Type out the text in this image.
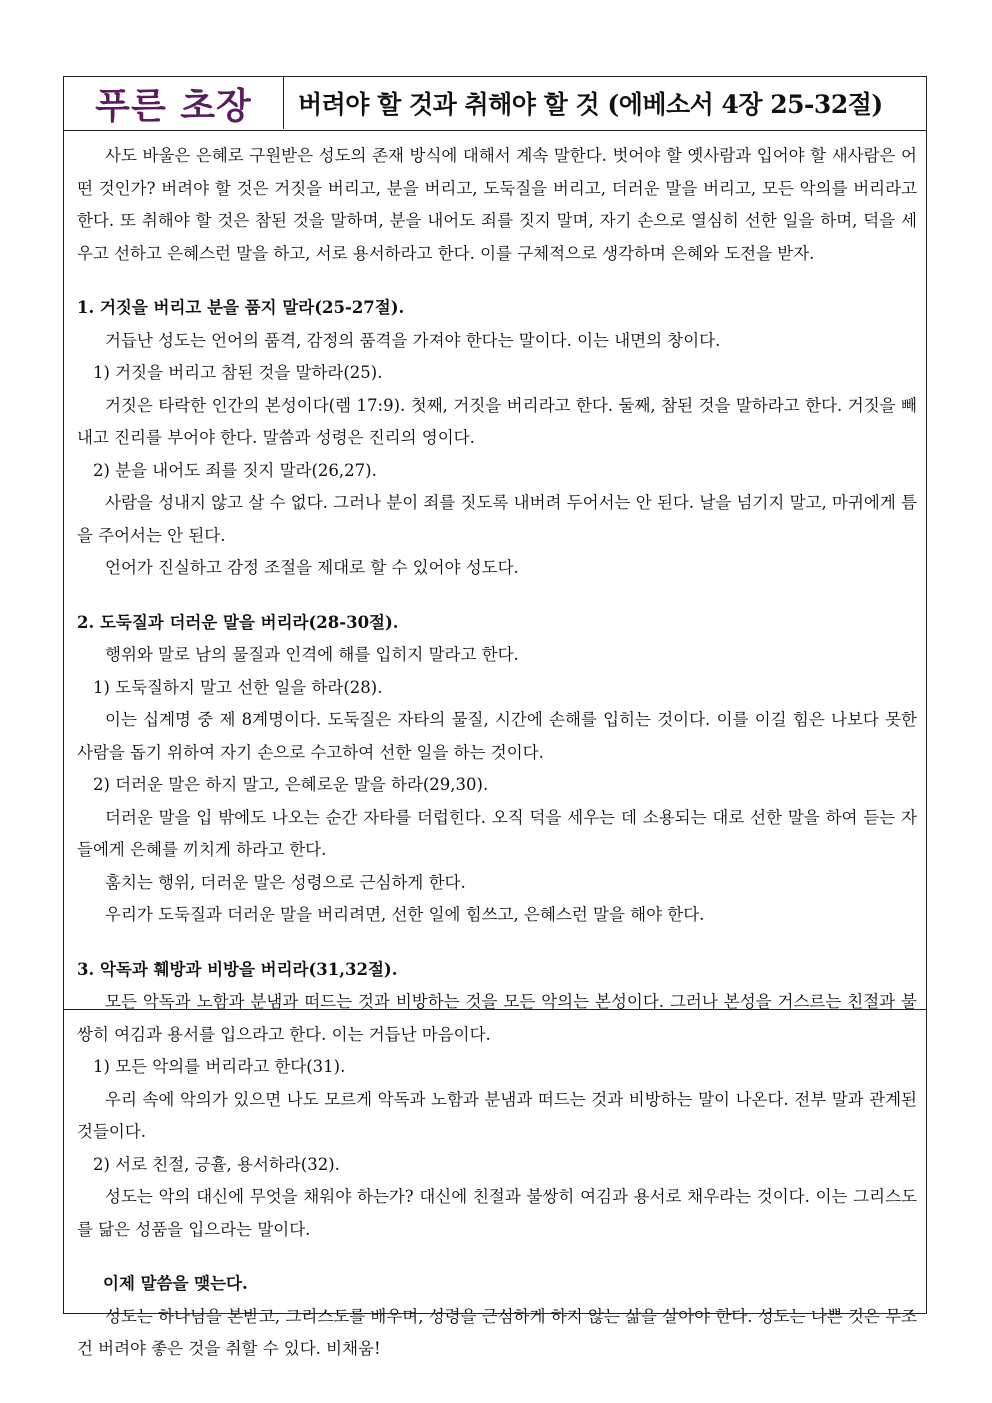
푸른 초장	버려야 할 것과 취해야 할 것 (에베소서 4장 25-32절)

사도 바울은 은혜로 구원받은 성도의 존재 방식에 대해서 계속 말한다. 벗어야 할 옛사람과 입어야 할 새사람은 어떤 것인가? 버려야 할 것은 거짓을 버리고, 분을 버리고, 도둑질을 버리고, 더러운 말을 버리고, 모든 악의를 버리라고 한다. 또 취해야 할 것은 참된 것을 말하며, 분을 내어도 죄를 짓지 말며, 자기 손으로 열심히 선한 일을 하며, 덕을 세우고 선하고 은혜스런 말을 하고, 서로 용서하라고 한다. 이를 구체적으로 생각하며 은혜와 도전을 받자.

1. 거짓을 버리고 분을 품지 말라(25-27절).

거듭난 성도는 언어의 품격, 감정의 품격을 가져야 한다는 말이다. 이는 내면의 창이다.

1) 거짓을 버리고 참된 것을 말하라(25).

거짓은 타락한 인간의 본성이다(렘 17:9). 첫째, 거짓을 버리라고 한다. 둘째, 참된 것을 말하라고 한다. 거짓을 빼내고 진리를 부어야 한다. 말씀과 성령은 진리의 영이다.

2) 분을 내어도 죄를 짓지 말라(26,27).

사람을 성내지 않고 살 수 없다. 그러나 분이 죄를 짓도록 내버려 두어서는 안 된다. 날을 넘기지 말고, 마귀에게 틈을 주어서는 안 된다.

언어가 진실하고 감정 조절을 제대로 할 수 있어야 성도다.

2. 도둑질과 더러운 말을 버리라(28-30절).

행위와 말로 남의 물질과 인격에 해를 입히지 말라고 한다.

1) 도둑질하지 말고 선한 일을 하라(28).

이는 십계명 중 제 8계명이다. 도둑질은 자타의 물질, 시간에 손해를 입히는 것이다. 이를 이길 힘은 나보다 못한 사람을 돕기 위하여 자기 손으로 수고하여 선한 일을 하는 것이다.

2) 더러운 말은 하지 말고, 은혜로운 말을 하라(29,30).

더러운 말을 입 밖에도 나오는 순간 자타를 더럽힌다. 오직 덕을 세우는 데 소용되는 대로 선한 말을 하여 듣는 자들에게 은혜를 끼치게 하라고 한다.

훔치는 행위, 더러운 말은 성령으로 근심하게 한다.

우리가 도둑질과 더러운 말을 버리려면, 선한 일에 힘쓰고, 은혜스런 말을 해야 한다.

3. 악독과 훼방과 비방을 버리라(31,32절).

모든 악독과 노함과 분냄과 떠드는 것과 비방하는 것을 모든 악의는 본성이다. 그러나 본성을 거스르는 친절과 불쌍히 여김과 용서를 입으라고 한다. 이는 거듭난 마음이다.

1) 모든 악의를 버리라고 한다(31).

우리 속에 악의가 있으면 나도 모르게 악독과 노함과 분냄과 떠드는 것과 비방하는 말이 나온다. 전부 말과 관계된 것들이다.

2) 서로 친절, 긍휼, 용서하라(32).

성도는 악의 대신에 무엇을 채워야 하는가? 대신에 친절과 불쌍히 여김과 용서로 채우라는 것이다. 이는 그리스도를 닮은 성품을 입으라는 말이다.

이제 말씀을 맺는다.

성도는 하나님을 본받고, 그리스도를 배우며, 성령을 근심하게 하지 않는 삶을 살아야 한다. 성도는 나쁜 것은 무조건 버려야 좋은 것을 취할 수 있다. 비채움!
